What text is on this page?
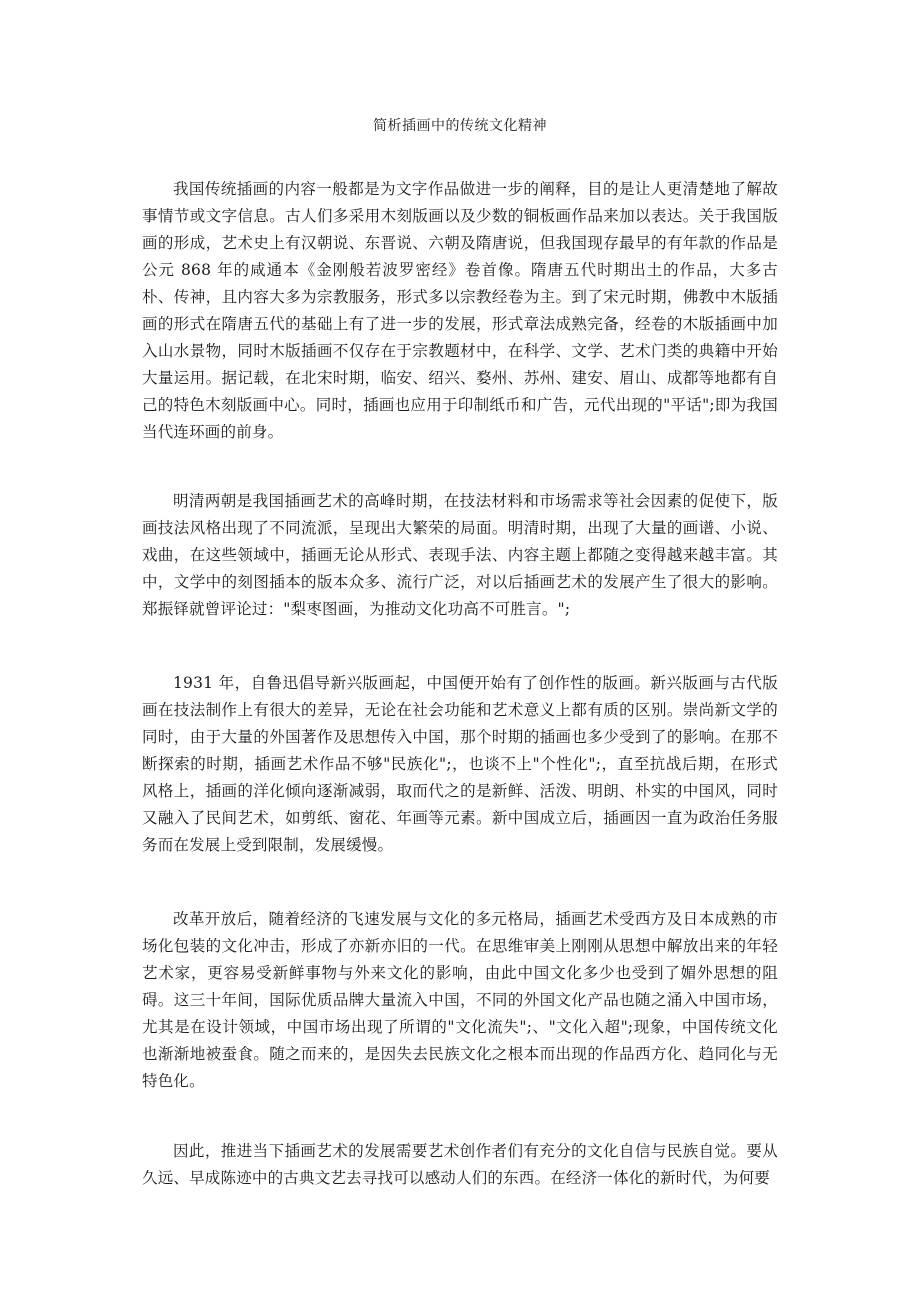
简析插画中的传统文化精神

我国传统插画的内容一般都是为文字作品做进一步的阐释，目的是让人更清楚地了解故事情节或文字信息。古人们多采用木刻版画以及少数的铜板画作品来加以表达。关于我国版画的形成，艺术史上有汉朝说、东晋说、六朝及隋唐说，但我国现存最早的有年款的作品是公元 868 年的咸通本《金刚般若波罗密经》卷首像。隋唐五代时期出土的作品，大多古朴、传神，且内容大多为宗教服务，形式多以宗教经卷为主。到了宋元时期，佛教中木版插画的形式在隋唐五代的基础上有了进一步的发展，形式章法成熟完备，经卷的木版插画中加入山水景物，同时木版插画不仅存在于宗教题材中，在科学、文学、艺术门类的典籍中开始大量运用。据记载，在北宋时期，临安、绍兴、婺州、苏州、建安、眉山、成都等地都有自己的特色木刻版画中心。同时，插画也应用于印制纸币和广告，元代出现的"平话";即为我国当代连环画的前身。

明清两朝是我国插画艺术的高峰时期，在技法材料和市场需求等社会因素的促使下，版画技法风格出现了不同流派，呈现出大繁荣的局面。明清时期，出现了大量的画谱、小说、戏曲，在这些领域中，插画无论从形式、表现手法、内容主题上都随之变得越来越丰富。其中，文学中的刻图插本的版本众多、流行广泛，对以后插画艺术的发展产生了很大的影响。郑振铎就曾评论过："梨枣图画，为推动文化功高不可胜言。";

1931 年，自鲁迅倡导新兴版画起，中国便开始有了创作性的版画。新兴版画与古代版画在技法制作上有很大的差异，无论在社会功能和艺术意义上都有质的区别。崇尚新文学的同时，由于大量的外国著作及思想传入中国，那个时期的插画也多少受到了的影响。在那不断探索的时期，插画艺术作品不够"民族化";，也谈不上"个性化";，直至抗战后期，在形式风格上，插画的洋化倾向逐渐减弱，取而代之的是新鲜、活泼、明朗、朴实的中国风，同时又融入了民间艺术，如剪纸、窗花、年画等元素。新中国成立后，插画因一直为政治任务服务而在发展上受到限制，发展缓慢。

改革开放后，随着经济的飞速发展与文化的多元格局，插画艺术受西方及日本成熟的市场化包装的文化冲击，形成了亦新亦旧的一代。在思维审美上刚刚从思想中解放出来的年轻艺术家，更容易受新鲜事物与外来文化的影响，由此中国文化多少也受到了媚外思想的阻碍。这三十年间，国际优质品牌大量流入中国，不同的外国文化产品也随之涌入中国市场，尤其是在设计领域，中国市场出现了所谓的"文化流失";、"文化入超";现象，中国传统文化也渐渐地被蚕食。随之而来的，是因失去民族文化之根本而出现的作品西方化、趋同化与无特色化。

因此，推进当下插画艺术的发展需要艺术创作者们有充分的文化自信与民族自觉。要从久远、早成陈迹中的古典文艺去寻找可以感动人们的东西。在经济一体化的新时代，为何要
